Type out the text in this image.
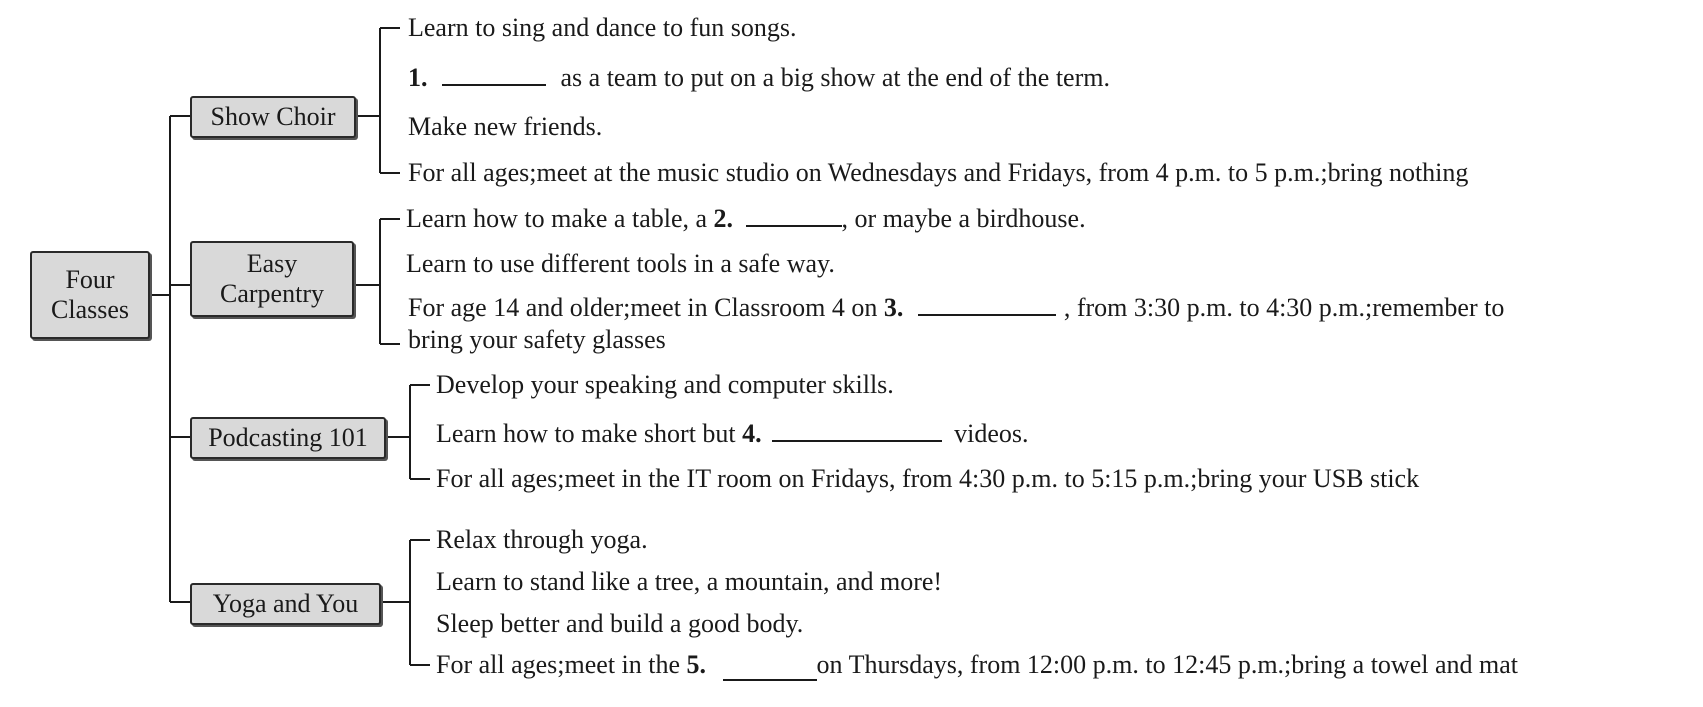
Four
Classes
Show Choir
Easy
Carpentry
Podcasting 101
Yoga and You
Learn to sing and dance to fun songs.
1.	as a team to put on a big show at the end of the term.
Make new friends.
For all ages;meet at the music studio on Wednesdays and Fridays, from 4 p.m. to 5 p.m.;bring nothing
Learn how to make a table, a 2.	, or maybe a birdhouse.
Learn to use different tools in a safe way.
For age 14 and older;meet in Classroom 4 on 3.	, from 3:30 p.m. to 4:30 p.m.;remember to
bring your safety glasses
Develop your speaking and computer skills.
Learn how to make short but 4.	videos.
For all ages;meet in the IT room on Fridays, from 4:30 p.m. to 5:15 p.m.;bring your USB stick
Relax through yoga.
Learn to stand like a tree, a mountain, and more!
Sleep better and build a good body.
For all ages;meet in the 5.	on Thursdays, from 12:00 p.m. to 12:45 p.m.;bring a towel and mat
